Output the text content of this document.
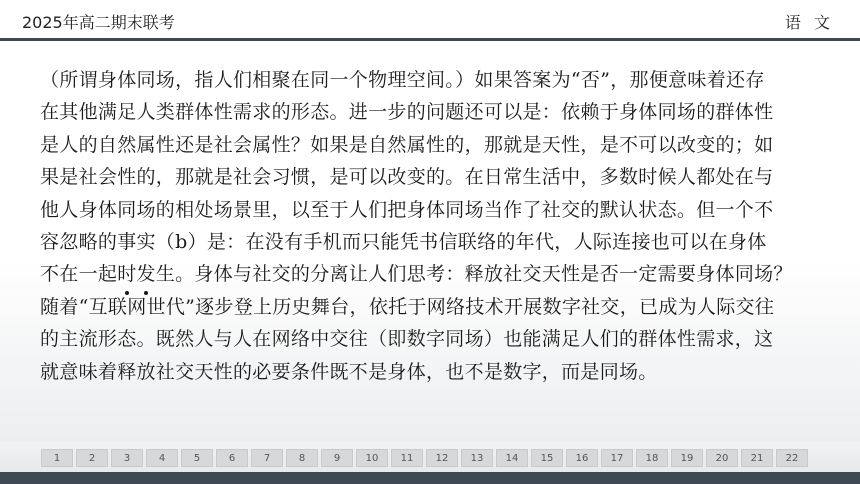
2025年高二期末联考	语 文
（所谓身体同场，指人们相聚在同一个物理空间。）如果答案为“否”，那便意味着还存
在其他满足人类群体性需求的形态。进一步的问题还可以是：依赖于身体同场的群体性
是人的自然属性还是社会属性？如果是自然属性的，那就是天性，是不可以改变的；如
果是社会性的，那就是社会习惯，是可以改变的。在日常生活中，多数时候人都处在与
他人身体同场的相处场景里，以至于人们把身体同场当作了社交的默认状态。但一个不
容忽略的事实（b）是：在没有手机而只能凭书信联络的年代，人际连接也可以在身体
不在一起时
发
生。身体与社交的分离让人们思考：释放社交天性是否一定需要身体同场？
随着“互联网世代”逐步登上历史舞台，依托于网络技术开展数字社交，已成为人际交往
的主流形态。既然人与人在网络中交往（即数字同场）也能满足人们的群体性需求，这
就意味着释放社交天性的必要条件既不是身体，也不是数字，而是同场。
1	2	3	4	5	6	7	8	9	10	11	12	13	14	15	16	17	18	19	20	21	22
